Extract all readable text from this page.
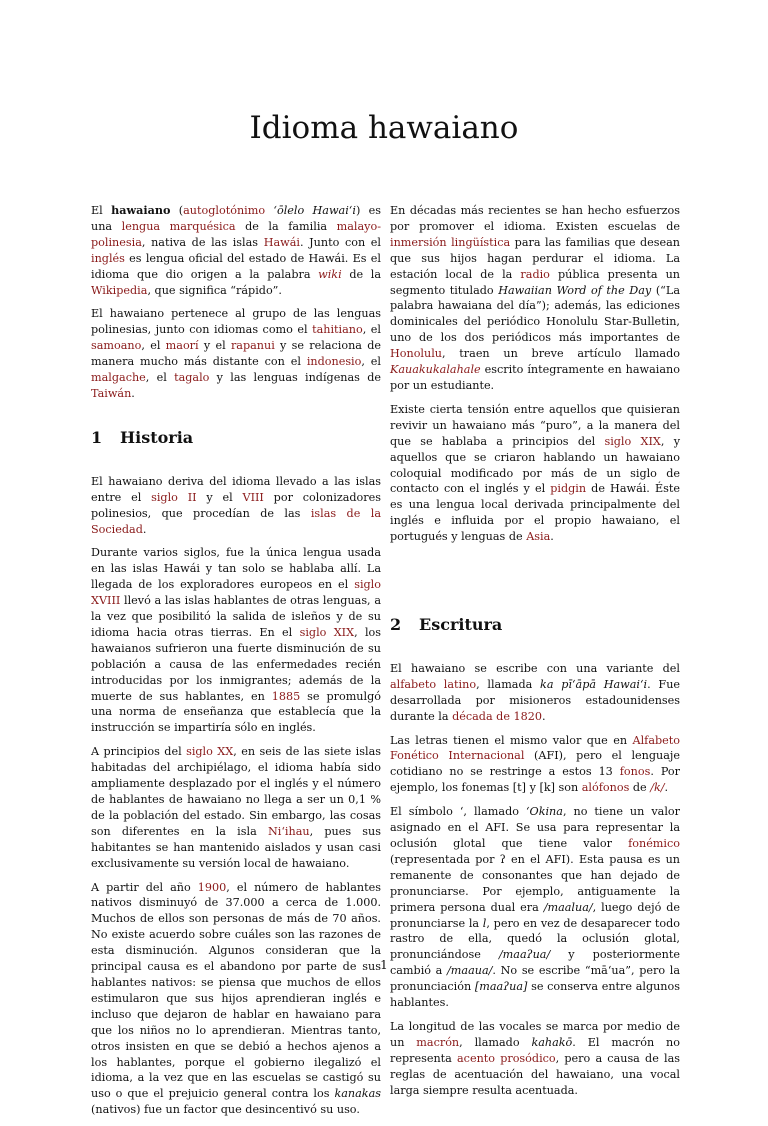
Idioma hawaiano

El hawaiano (autoglotónimo ʻōlelo Hawaiʻi) es una lengua marquésica de la familia malayo-polinesia, nativa de las islas Hawái. Junto con el inglés es lengua oficial del estado de Hawái. Es el idioma que dio origen a la palabra wiki de la Wikipedia, que significa “rápido”.

El hawaiano pertenece al grupo de las lenguas polinesias, junto con idiomas como el tahitiano, el samoano, el maorí y el rapanui y se relaciona de manera mucho más distante con el indonesio, el malgache, el tagalo y las lenguas indígenas de Taiwán.

1	Historia

El hawaiano deriva del idioma llevado a las islas entre el siglo II y el VIII por colonizadores polinesios, que procedían de las islas de la Sociedad.

Durante varios siglos, fue la única lengua usada en las islas Hawái y tan solo se hablaba allí. La llegada de los exploradores europeos en el siglo XVIII llevó a las islas hablantes de otras lenguas, a la vez que posibilitó la salida de isleños y de su idioma hacia otras tierras. En el siglo XIX, los hawaianos sufrieron una fuerte disminución de su población a causa de las enfermedades recién introducidas por los inmigrantes; además de la muerte de sus hablantes, en 1885 se promulgó una norma de enseñanza que establecía que la instrucción se impartiría sólo en inglés.

A principios del siglo XX, en seis de las siete islas habitadas del archipiélago, el idioma había sido ampliamente desplazado por el inglés y el número de hablantes de hawaiano no llega a ser un 0,1 % de la población del estado. Sin embargo, las cosas son diferentes en la isla Niʻihau, pues sus habitantes se han mantenido aislados y usan casi exclusivamente su versión local de hawaiano.

A partir del año 1900, el número de hablantes nativos disminuyó de 37.000 a cerca de 1.000. Muchos de ellos son personas de más de 70 años. No existe acuerdo sobre cuáles son las razones de esta disminución. Algunos consideran que la principal causa es el abandono por parte de sus hablantes nativos: se piensa que muchos de ellos estimularon que sus hijos aprendieran inglés e incluso que dejaron de hablar en hawaiano para que los niños no lo aprendieran. Mientras tanto, otros insisten en que se debió a hechos ajenos a los hablantes, porque el gobierno ilegalizó el idioma, a la vez que en las escuelas se castigó su uso o que el prejuicio general contra los kanakas (nativos) fue un factor que desincentivó su uso.

En décadas más recientes se han hecho esfuerzos por promover el idioma. Existen escuelas de inmersión lingüística para las familias que desean que sus hijos hagan perdurar el idioma. La estación local de la radio pública presenta un segmento titulado Hawaiian Word of the Day (“La palabra hawaiana del día”); además, las ediciones dominicales del periódico Honolulu Star-Bulletin, uno de los dos periódicos más importantes de Honolulu, traen un breve artículo llamado Kauakukalahale escrito íntegramente en hawaiano por un estudiante.

Existe cierta tensión entre aquellos que quisieran revivir un hawaiano más “puro”, a la manera del que se hablaba a principios del siglo XIX, y aquellos que se criaron hablando un hawaiano coloquial modificado por más de un siglo de contacto con el inglés y el pidgin de Hawái. Éste es una lengua local derivada principalmente del inglés e influida por el propio hawaiano, el portugués y lenguas de Asia.

2	Escritura

El hawaiano se escribe con una variante del alfabeto latino, llamada ka pīʻāpā Hawaiʻi. Fue desarrollada por misioneros estadounidenses durante la década de 1820.

Las letras tienen el mismo valor que en Alfabeto Fonético Internacional (AFI), pero el lenguaje cotidiano no se restringe a estos 13 fonos. Por ejemplo, los fonemas [t] y [k] son alófonos de /k/.

El símbolo ʻ, llamado ʻOkina, no tiene un valor asignado en el AFI. Se usa para representar la oclusión glotal que tiene valor fonémico (representada por ʔ en el AFI). Esta pausa es un remanente de consonantes que han dejado de pronunciarse. Por ejemplo, antiguamente la primera persona dual era /maalua/, luego dejó de pronunciarse la l, pero en vez de desaparecer todo rastro de ella, quedó la oclusión glotal, pronunciándose /maaʔua/ y posteriormente cambió a /maaua/. No se escribe “māʻua”, pero la pronunciación [maaʔua] se conserva entre algunos hablantes.

La longitud de las vocales se marca por medio de un macrón, llamado kahakō. El macrón no representa acento prosódico, pero a causa de las reglas de acentuación del hawaiano, una vocal larga siempre resulta acentuada.

1
